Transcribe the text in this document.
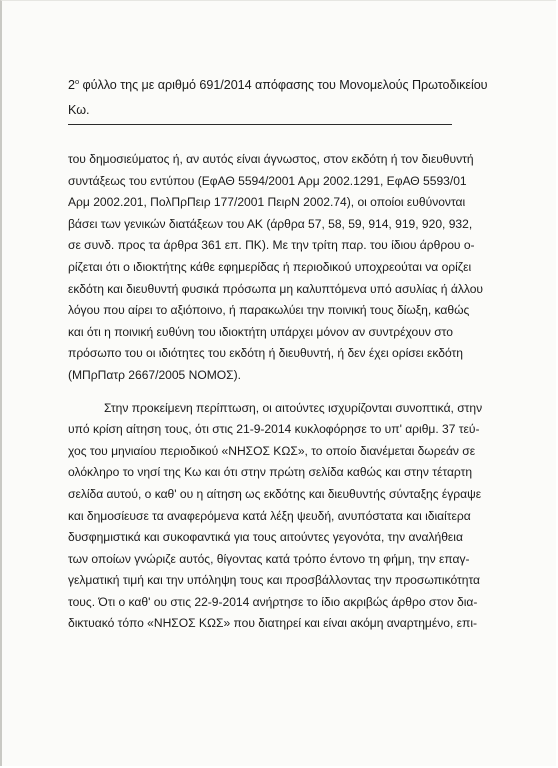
$2^o$ φύλλο της με αριθμό 691/2014 απόφασης του Μονομελούς Πρωτοδικείου
Κω.
του δημοσιεύματος ή, αν αυτός είναι άγνωστος, στον εκδότη ή τον διευθυντή
συντάξεως του εντύπου (ΕφΑΘ 5594/2001 Αρμ 2002.1291, ΕφΑΘ 5593/01
Αρμ 2002.201, ΠολΠρΠειρ 177/2001 ΠειρΝ 2002.74), οι οποίοι ευθύνονται
βάσει των γενικών διατάξεων του ΑΚ (άρθρα 57, 58, 59, 914, 919, 920, 932,
σε συνδ. προς τα άρθρα 361 επ. ΠΚ). Με την τρίτη παρ. του ίδιου άρθρου ο-
ρίζεται ότι ο ιδιοκτήτης κάθε εφημερίδας ή περιοδικού υποχρεούται να ορίζει
εκδότη και διευθυντή φυσικά πρόσωπα μη καλυπτόμενα υπό ασυλίας ή άλλου
λόγου που αίρει το αξιόποινο, ή παρακωλύει την ποινική τους δίωξη, καθώς
και ότι η ποινική ευθύνη του ιδιοκτήτη υπάρχει μόνον αν συντρέχουν στο
πρόσωπο του οι ιδιότητες του εκδότη ή διευθυντή, ή δεν έχει ορίσει εκδότη
(ΜΠρΠατρ 2667/2005 ΝΟΜΟΣ).
Στην προκείμενη περίπτωση, οι αιτούντες ισχυρίζονται συνοπτικά, στην
υπό κρίση αίτηση τους, ότι στις 21-9-2014 κυκλοφόρησε το υπ' αριθμ. 37 τεύ-
χος του μηνιαίου περιοδικού «ΝΗΣΟΣ ΚΩΣ», το οποίο διανέμεται δωρεάν σε
ολόκληρο το νησί της Κω και ότι στην πρώτη σελίδα καθώς και στην τέταρτη
σελίδα αυτού, ο καθ' ου η αίτηση ως εκδότης και διευθυντής σύνταξης έγραψε
και δημοσίευσε τα αναφερόμενα κατά λέξη ψευδή, ανυπόστατα και ιδιαίτερα
δυσφημιστικά και συκοφαντικά για τους αιτούντες γεγονότα, την αναλήθεια
των οποίων γνώριζε αυτός, θίγοντας κατά τρόπο έντονο τη φήμη, την επαγ-
γελματική τιμή και την υπόληψη τους και προσβάλλοντας την προσωπικότητα
τους. Ότι ο καθ' ου στις 22-9-2014 ανήρτησε το ίδιο ακριβώς άρθρο στον δια-
δικτυακό τόπο «ΝΗΣΟΣ ΚΩΣ» που διατηρεί και είναι ακόμη αναρτημένο, επι-
